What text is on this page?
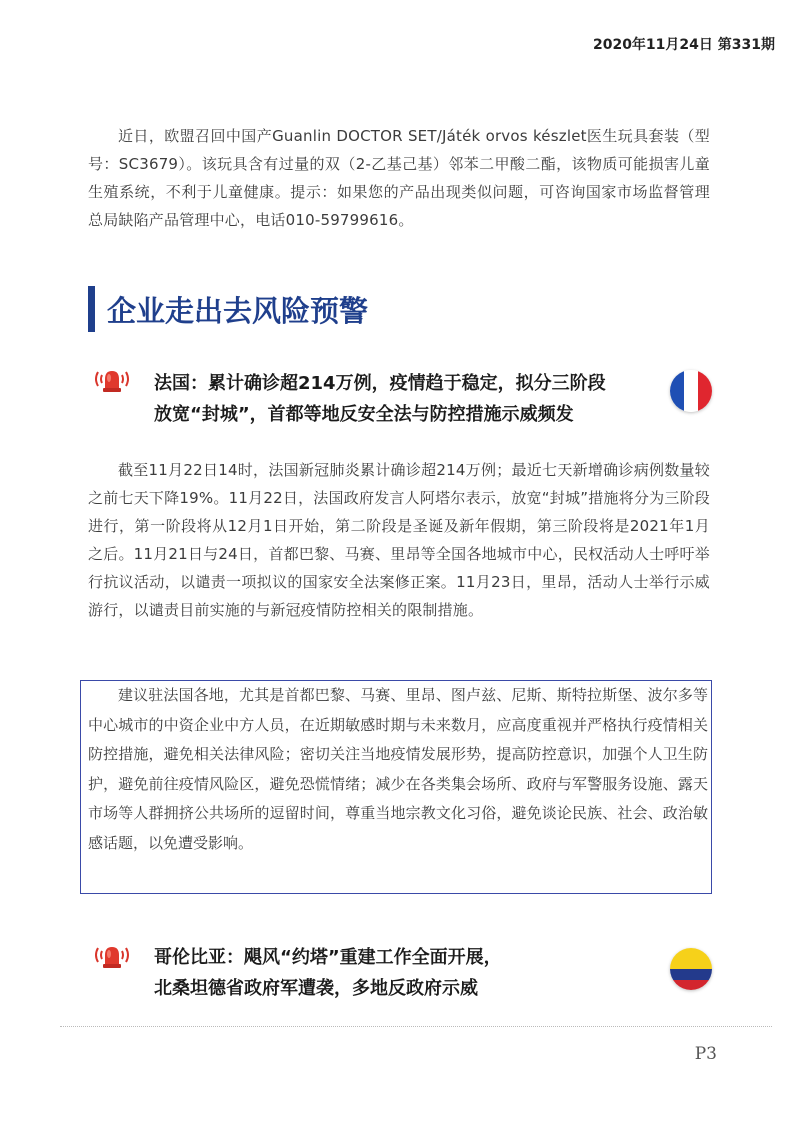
2020年11月24日 第331期

近日，欧盟召回中国产Guanlin DOCTOR SET/Játék orvos készlet医生玩具套装（型号：SC3679）。该玩具含有过量的双（2-乙基己基）邻苯二甲酸二酯，该物质可能损害儿童生殖系统，不利于儿童健康。提示：如果您的产品出现类似问题，可咨询国家市场监督管理总局缺陷产品管理中心，电话010-59799616。

企业走出去风险预警
法国：累计确诊超214万例，疫情趋于稳定，拟分三阶段
放宽“封城”，首都等地反安全法与防控措施示威频发

截至11月22日14时，法国新冠肺炎累计确诊超214万例；最近七天新增确诊病例数量较之前七天下降19%。11月22日，法国政府发言人阿塔尔表示，放宽“封城”措施将分为三阶段进行，第一阶段将从12月1日开始，第二阶段是圣诞及新年假期，第三阶段将是2021年1月之后。11月21日与24日，首都巴黎、马赛、里昂等全国各地城市中心，民权活动人士呼吁举行抗议活动，以谴责一项拟议的国家安全法案修正案。11月23日，里昂，活动人士举行示威游行，以谴责目前实施的与新冠疫情防控相关的限制措施。

建议驻法国各地，尤其是首都巴黎、马赛、里昂、图卢兹、尼斯、斯特拉斯堡、波尔多等中心城市的中资企业中方人员，在近期敏感时期与未来数月，应高度重视并严格执行疫情相关防控措施，避免相关法律风险；密切关注当地疫情发展形势，提高防控意识，加强个人卫生防护，避免前往疫情风险区，避免恐慌情绪；减少在各类集会场所、政府与军警服务设施、露天市场等人群拥挤公共场所的逗留时间，尊重当地宗教文化习俗，避免谈论民族、社会、政治敏感话题，以免遭受影响。

哥伦比亚：飓风“约塔”重建工作全面开展，
北桑坦德省政府军遭袭，多地反政府示威
P3
